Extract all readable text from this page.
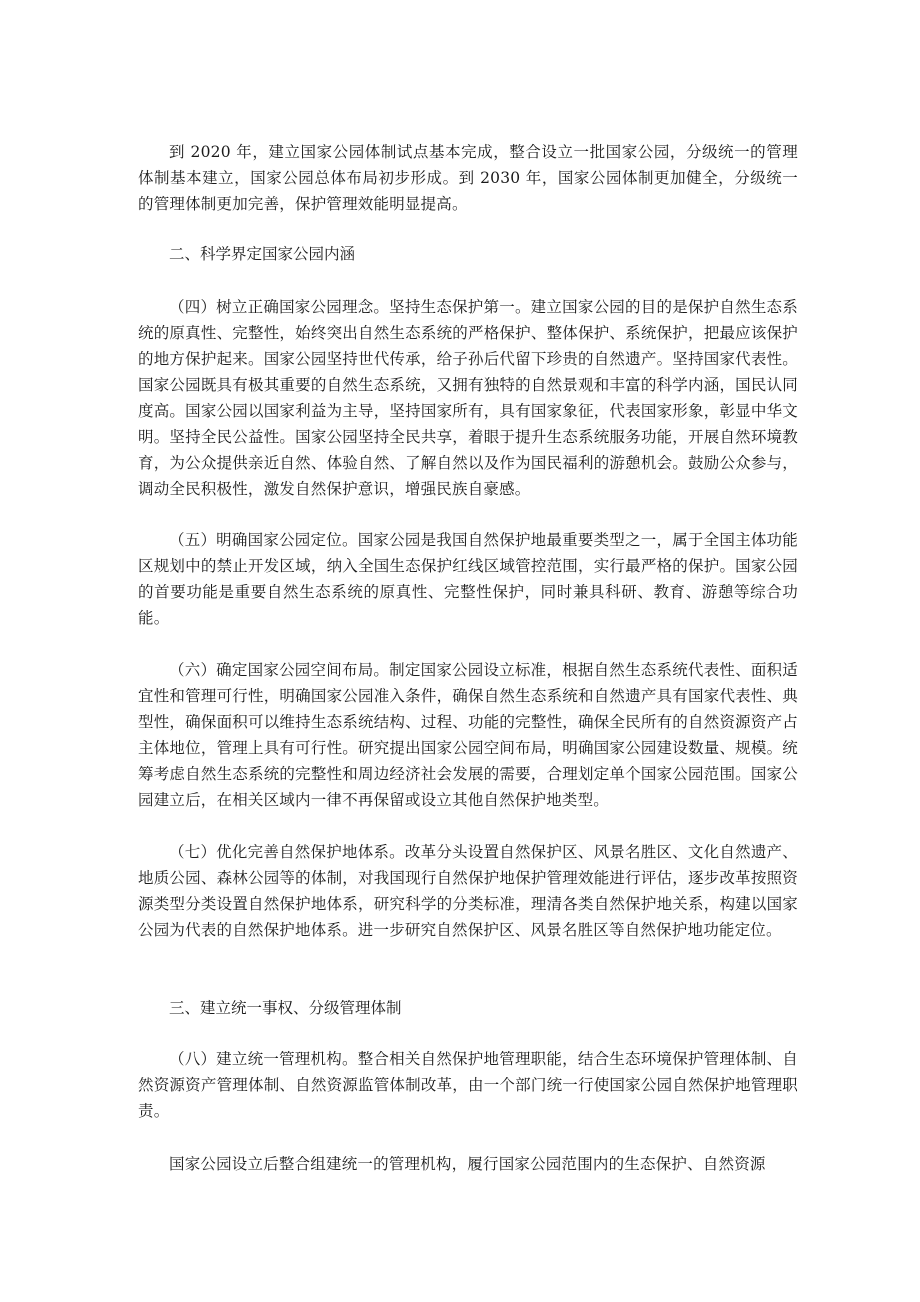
到 2020 年，建立国家公园体制试点基本完成，整合设立一批国家公园，分级统一的管理体制基本建立，国家公园总体布局初步形成。到 2030 年，国家公园体制更加健全，分级统一的管理体制更加完善，保护管理效能明显提高。

二、科学界定国家公园内涵

（四）树立正确国家公园理念。坚持生态保护第一。建立国家公园的目的是保护自然生态系统的原真性、完整性，始终突出自然生态系统的严格保护、整体保护、系统保护，把最应该保护的地方保护起来。国家公园坚持世代传承，给子孙后代留下珍贵的自然遗产。坚持国家代表性。国家公园既具有极其重要的自然生态系统，又拥有独特的自然景观和丰富的科学内涵，国民认同度高。国家公园以国家利益为主导，坚持国家所有，具有国家象征，代表国家形象，彰显中华文明。坚持全民公益性。国家公园坚持全民共享，着眼于提升生态系统服务功能，开展自然环境教育，为公众提供亲近自然、体验自然、了解自然以及作为国民福利的游憩机会。鼓励公众参与，调动全民积极性，激发自然保护意识，增强民族自豪感。

（五）明确国家公园定位。国家公园是我国自然保护地最重要类型之一，属于全国主体功能区规划中的禁止开发区域，纳入全国生态保护红线区域管控范围，实行最严格的保护。国家公园的首要功能是重要自然生态系统的原真性、完整性保护，同时兼具科研、教育、游憩等综合功能。

（六）确定国家公园空间布局。制定国家公园设立标准，根据自然生态系统代表性、面积适宜性和管理可行性，明确国家公园准入条件，确保自然生态系统和自然遗产具有国家代表性、典型性，确保面积可以维持生态系统结构、过程、功能的完整性，确保全民所有的自然资源资产占主体地位，管理上具有可行性。研究提出国家公园空间布局，明确国家公园建设数量、规模。统筹考虑自然生态系统的完整性和周边经济社会发展的需要，合理划定单个国家公园范围。国家公园建立后，在相关区域内一律不再保留或设立其他自然保护地类型。

（七）优化完善自然保护地体系。改革分头设置自然保护区、风景名胜区、文化自然遗产、地质公园、森林公园等的体制，对我国现行自然保护地保护管理效能进行评估，逐步改革按照资源类型分类设置自然保护地体系，研究科学的分类标准，理清各类自然保护地关系，构建以国家公园为代表的自然保护地体系。进一步研究自然保护区、风景名胜区等自然保护地功能定位。

三、建立统一事权、分级管理体制

（八）建立统一管理机构。整合相关自然保护地管理职能，结合生态环境保护管理体制、自然资源资产管理体制、自然资源监管体制改革，由一个部门统一行使国家公园自然保护地管理职责。

国家公园设立后整合组建统一的管理机构，履行国家公园范围内的生态保护、自然资源
